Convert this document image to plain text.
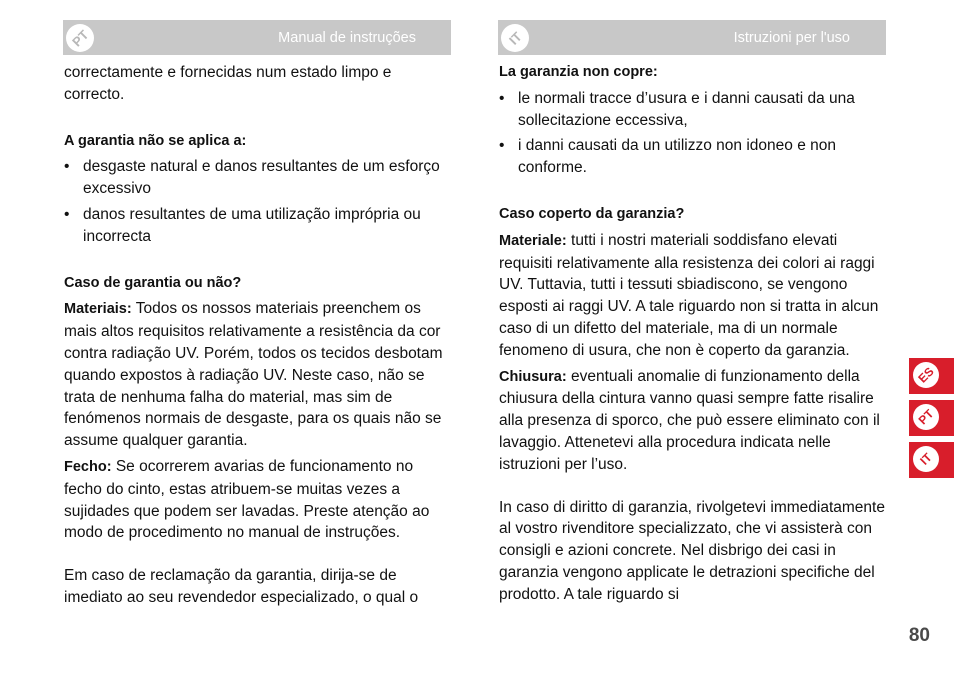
PT	Manual de instruções	IT	Istruzioni per l'uso

correctamente e fornecidas num estado limpo e correcto.

A garantia não se aplica a:

• desgaste natural e danos resultantes de um esforço excessivo
• danos resultantes de uma utilização imprópria ou incorrecta

Caso de garantia ou não?

Materiais: Todos os nossos materiais preenchem os mais altos requisitos relativamente a resistência da cor contra radiação UV. Porém, todos os tecidos desbotam quando expostos à radiação UV. Neste caso, não se trata de nenhuma falha do material, mas sim de fenómenos normais de desgaste, para os quais não se assume qualquer garantia.

Fecho: Se ocorrerem avarias de funcionamento no fecho do cinto, estas atribuem-se muitas vezes a sujidades que podem ser lavadas. Preste atenção ao modo de procedimento no manual de instruções.

Em caso de reclamação da garantia, dirija-se de imediato ao seu revendedor especializado, o qual o

La garanzia non copre:

• le normali tracce d’usura e i danni causati da una sollecitazione eccessiva,
• i danni causati da un utilizzo non idoneo e non conforme.

Caso coperto da garanzia?

Materiale: tutti i nostri materiali soddisfano elevati requisiti relativamente alla resistenza dei colori ai raggi UV. Tuttavia, tutti i tessuti sbiadiscono, se vengono esposti ai raggi UV. A tale riguardo non si tratta in alcun caso di un difetto del materiale, ma di un normale fenomeno di usura, che non è coperto da garanzia.

Chiusura: eventuali anomalie di funzionamento della chiusura della cintura vanno quasi sempre fatte risalire alla presenza di sporco, che può essere eliminato con il lavaggio. Attenetevi alla procedura indicata nelle istruzioni per l’uso.

In caso di diritto di garanzia, rivolgetevi immediatamente al vostro rivenditore specializzato, che vi assisterà con consigli e azioni concrete. Nel disbrigo dei casi in garanzia vengono applicate le detrazioni specifiche del prodotto. A tale riguardo si

ES
PT
IT
80
